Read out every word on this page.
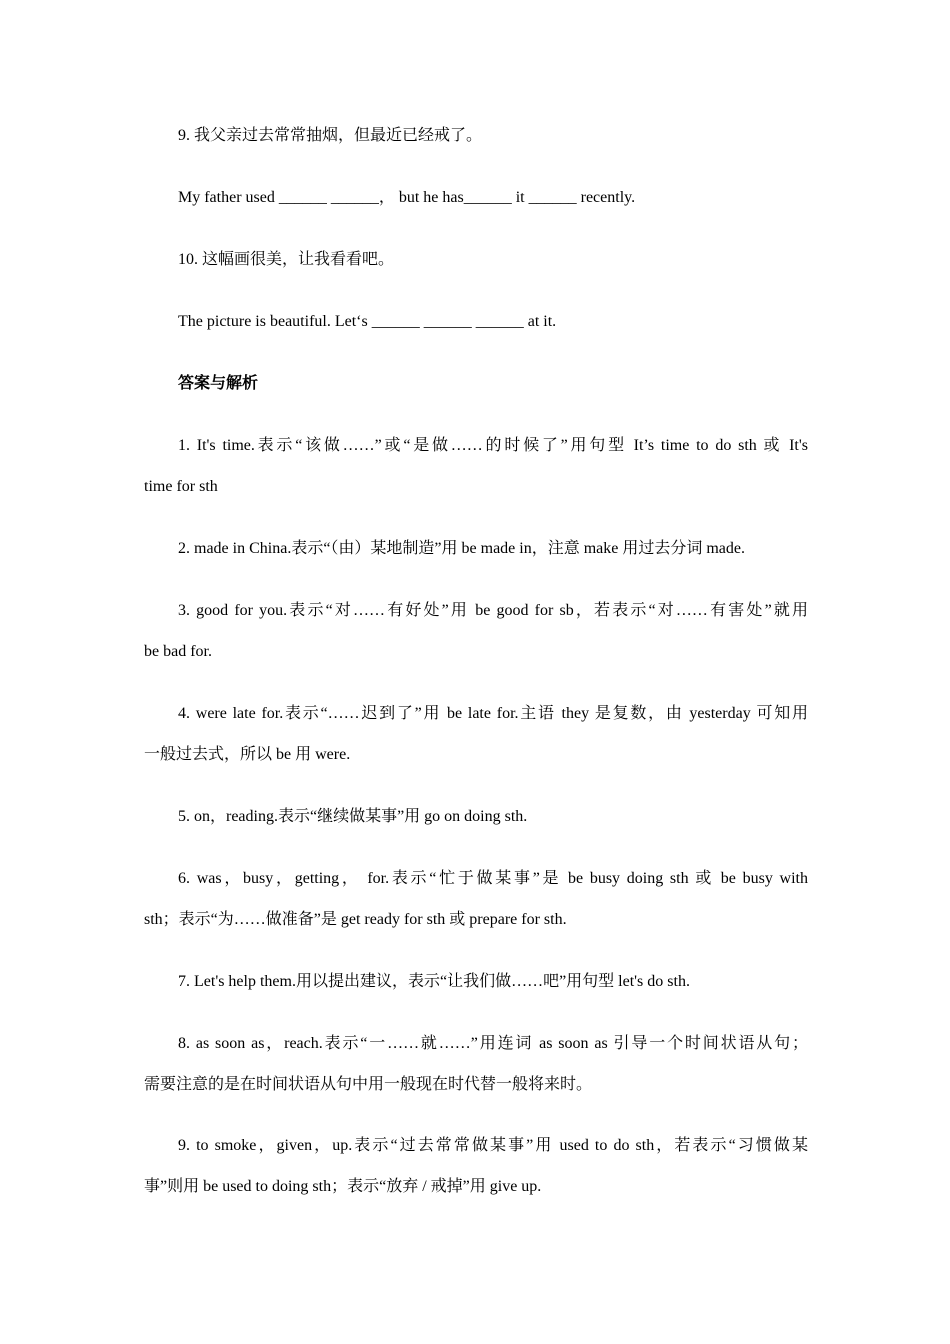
9. 我父亲过去常常抽烟，但最近已经戒了。
My father used ______ ______， but he has______ it ______ recently.
10. 这幅画很美，让我看看吧。
The picture is beautiful. Let‘s ______ ______ ______ at it.
答案与解析
1. It's time.表示“该做……”或“是做……的时候了”用句型 It’s time to do sth 或 It's
time for sth
2. made in China.表示“（由）某地制造”用 be made in，注意 make 用过去分词 made.
3. good for you.表示“对……有好处”用 be good for sb，若表示“对……有害处”就用
be bad for.
4. were late for.表示“……迟到了”用 be late for.主语 they 是复数，由 yesterday 可知用
一般过去式，所以 be 用 were.
5. on，reading.表示“继续做某事”用 go on doing sth.
6. was，busy，getting， for.表示“忙于做某事”是 be busy doing sth 或 be busy with
sth；表示“为……做准备”是 get ready for sth 或 prepare for sth.
7. Let's help them.用以提出建议，表示“让我们做……吧”用句型 let's do sth.
8. as soon as，reach.表示“一……就……”用连词 as soon as 引导一个时间状语从句；
需要注意的是在时间状语从句中用一般现在时代替一般将来时。
9. to smoke，given，up.表示“过去常常做某事”用 used to do sth，若表示“习惯做某
事”则用 be used to doing sth；表示“放弃 / 戒掉”用 give up.
